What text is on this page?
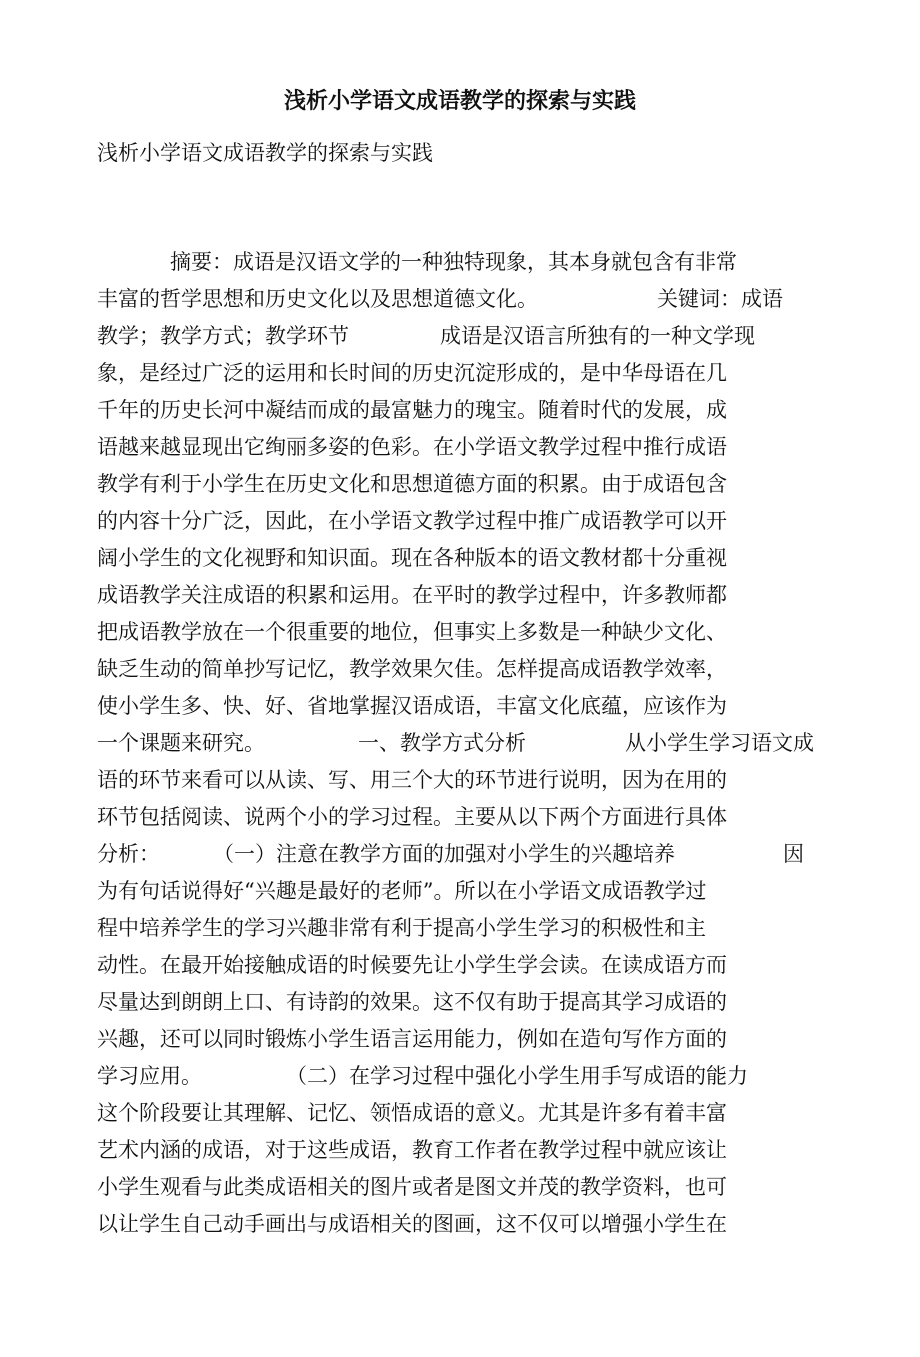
浅析小学语文成语教学的探索与实践
浅析小学语文成语教学的探索与实践
摘要：成语是汉语文学的一种独特现象，其本身就包含有非常
丰富的哲学思想和历史文化以及思想道德文化。	关键词：成语
教学；教学方式；教学环节	成语是汉语言所独有的一种文学现
象，是经过广泛的运用和长时间的历史沉淀形成的，是中华母语在几
千年的历史长河中凝结而成的最富魅力的瑰宝。随着时代的发展，成
语越来越显现出它绚丽多姿的色彩。在小学语文教学过程中推行成语
教学有利于小学生在历史文化和思想道德方面的积累。由于成语包含
的内容十分广泛，因此，在小学语文教学过程中推广成语教学可以开
阔小学生的文化视野和知识面。现在各种版本的语文教材都十分重视
成语教学关注成语的积累和运用。在平时的教学过程中，许多教师都
把成语教学放在一个很重要的地位，但事实上多数是一种缺少文化、
缺乏生动的简单抄写记忆，教学效果欠佳。怎样提高成语教学效率，
使小学生多、快、好、省地掌握汉语成语，丰富文化底蕴，应该作为
一个课题来研究。	一、教学方式分析	从小学生学习语文成
语的环节来看可以从读、写、用三个大的环节进行说明，因为在用的
环节包括阅读、说两个小的学习过程。主要从以下两个方面进行具体
分析：	（一）注意在教学方面的加强对小学生的兴趣培养	因
为有句话说得好“兴趣是最好的老师”。所以在小学语文成语教学过
程中培养学生的学习兴趣非常有利于提高小学生学习的积极性和主
动性。在最开始接触成语的时候要先让小学生学会读。在读成语方而
尽量达到朗朗上口、有诗韵的效果。这不仅有助于提高其学习成语的
兴趣，还可以同时锻炼小学生语言运用能力，例如在造句写作方面的
学习应用。	（二）在学习过程中强化小学生用手写成语的能力
这个阶段要让其理解、记忆、领悟成语的意义。尤其是许多有着丰富
艺术内涵的成语，对于这些成语，教育工作者在教学过程中就应该让
小学生观看与此类成语相关的图片或者是图文并茂的教学资料，也可
以让学生自己动手画出与成语相关的图画，这不仅可以增强小学生在
